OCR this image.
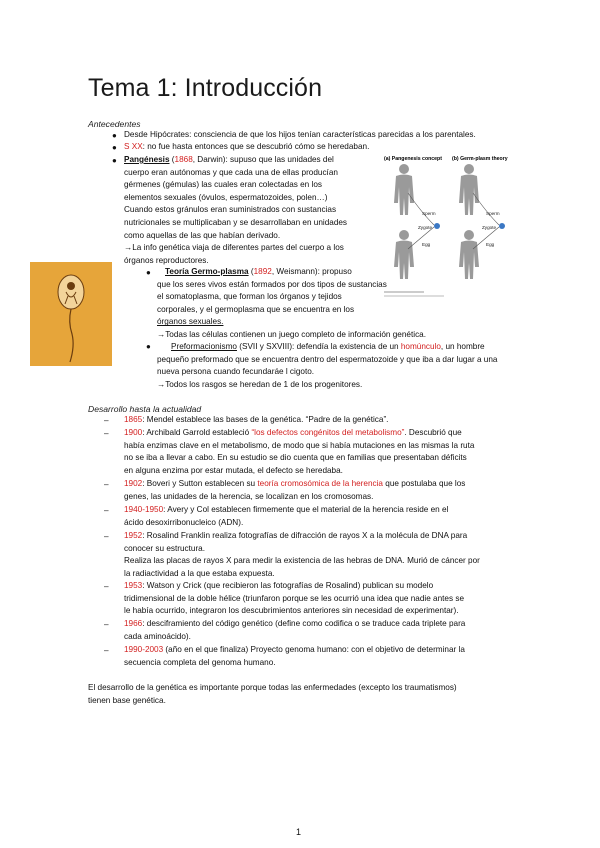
Tema 1: Introducción
Antecedentes
● Desde Hipócrates: consciencia de que los hijos tenían características parecidas a los parentales.
● S XX: no fue hasta entonces que se descubrió cómo se heredaban.
● Pangénesis (1868, Darwin): supuso que las unidades del
cuerpo eran autónomas y que cada una de ellas producían
gérmenes (gémulas) las cuales eran colectadas en los
elementos sexuales (óvulos, espermatozoides, polen…)
Cuando estos gránulos eran suministrados con sustancias
nutricionales se multiplicaban y se desarrollaban en unidades
como aquellas de las que habían derivado.
→La info genética viaja de diferentes partes del cuerpo a los
órganos reproductores.
●	Teoría Germo-plasma (1892, Weismann): propuso
que los seres vivos están formados por dos tipos de sustancias
el somatoplasma, que forman los órganos y tejidos
corporales, y el germoplasma que se encuentra en los
órganos sexuales.
→Todas las células contienen un juego completo de información genética.
●	Preformacionismo (SVII y SXVIII): defendía la existencia de un homúnculo, un hombre
pequeño preformado que se encuentra dentro del espermatozoide y que iba a dar lugar a una
nueva persona cuando fecundaráe l cigoto.
→Todos los rasgos se heredan de 1 de los progenitores.
(a) Pangenesis concept (b) Germ-plasm theory
Sperm
Zygote
Egg
Sperm
Zygote
Egg
Desarrollo hasta la actualidad
– 1865: Mendel establece las bases de la genética. “Padre de la genética”.
– 1900: Archibald Garrold estableció “los defectos congénitos del metabolismo”. Descubrió que
había enzimas clave en el metabolismo, de modo que si había mutaciones en las mismas la ruta
no se iba a llevar a cabo. En su estudio se dio cuenta que en familias que presentaban déficits
en alguna enzima por estar mutada, el defecto se heredaba.
– 1902: Boveri y Sutton establecen su teoría cromosómica de la herencia que postulaba que los
genes, las unidades de la herencia, se localizan en los cromosomas.
– 1940-1950: Avery y Col establecen firmemente que el material de la herencia reside en el
ácido desoxirribonucleico (ADN).
– 1952: Rosalind Franklin realiza fotografías de difracción de rayos X a la molécula de DNA para
conocer su estructura.
Realiza las placas de rayos X para medir la existencia de las hebras de DNA. Murió de cáncer por
la radiactividad a la que estaba expuesta.
– 1953: Watson y Crick (que recibieron las fotografías de Rosalind) publican su modelo
tridimensional de la doble hélice (triunfaron porque se les ocurrió una idea que nadie antes se
le había ocurrido, integraron los descubrimientos anteriores sin necesidad de experimentar).
– 1966: desciframiento del código genético (define como codifica o se traduce cada triplete para
cada aminoácido).
– 1990-2003 (año en el que finaliza) Proyecto genoma humano: con el objetivo de determinar la
secuencia completa del genoma humano.
El desarrollo de la genética es importante porque todas las enfermedades (excepto los traumatismos)
tienen base genética.
1
